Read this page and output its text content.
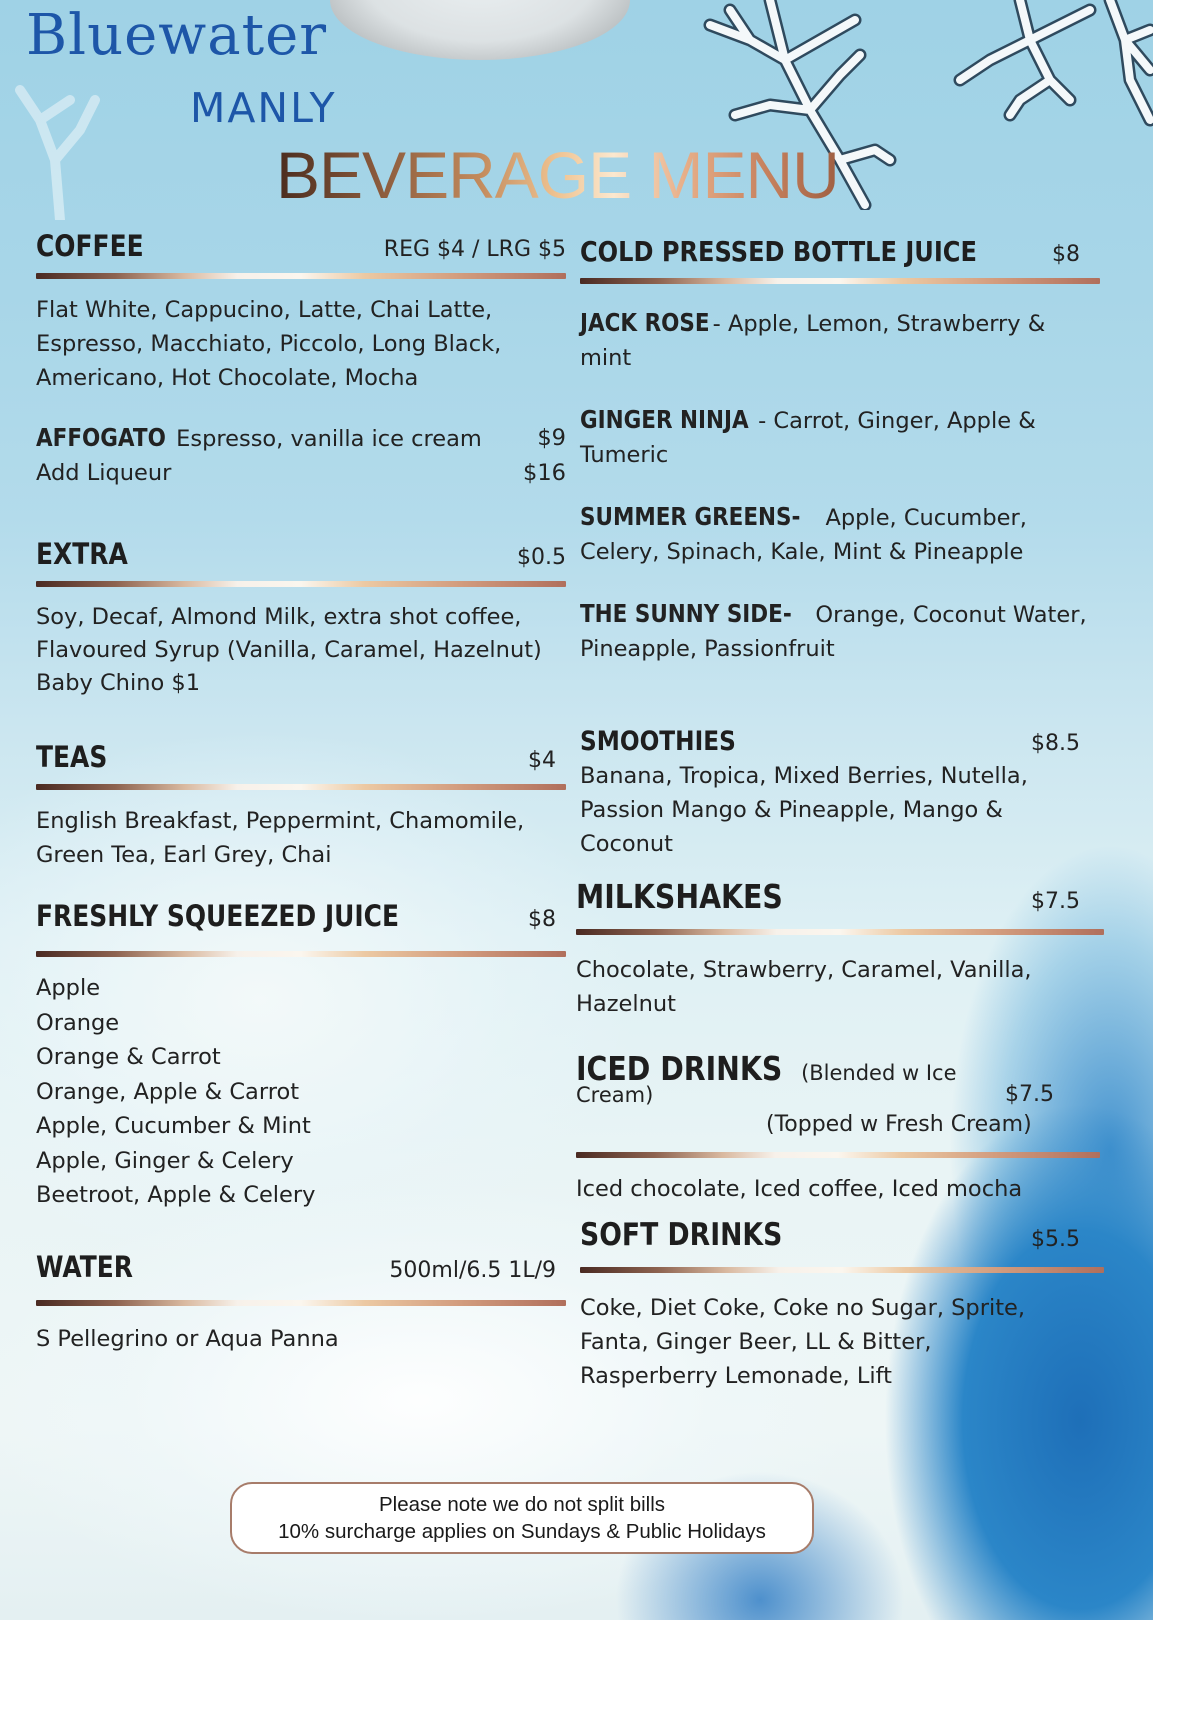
Bluewater
MANLY
BEVERAGE MENU
COFFEE	REG $4 / LRG $5
Flat White, Cappucino, Latte, Chai Latte,
Espresso, Macchiato, Piccolo, Long Black,
Americano, Hot Chocolate, Mocha
AFFOGATO Espresso, vanilla ice cream $9
Add Liqueur	$16
EXTRA	$0.5
Soy, Decaf, Almond Milk, extra shot coffee,
Flavoured Syrup (Vanilla, Caramel, Hazelnut)
Baby Chino $1
TEAS	$4
English Breakfast, Peppermint, Chamomile,
Green Tea, Earl Grey, Chai
FRESHLY SQUEEZED JUICE	$8
Apple
Orange
Orange & Carrot
Orange, Apple & Carrot
Apple, Cucumber & Mint
Apple, Ginger & Celery
Beetroot, Apple & Celery
WATER	500ml/6.5 1L/9
S Pellegrino or Aqua Panna
COLD PRESSED BOTTLE JUICE	$8
JACK ROSE - Apple, Lemon, Strawberry &
mint
GINGER NINJA - Carrot, Ginger, Apple &
Tumeric
SUMMER GREENS- Apple, Cucumber,
Celery, Spinach, Kale, Mint & Pineapple
THE SUNNY SIDE- Orange, Coconut Water,
Pineapple, Passionfruit
SMOOTHIES	$8.5
Banana, Tropica, Mixed Berries, Nutella,
Passion Mango & Pineapple, Mango &
Coconut
MILKSHAKES	$7.5
Chocolate, Strawberry, Caramel, Vanilla,
Hazelnut
ICED DRINKS (Blended w Ice Cream)	$7.5
(Topped w Fresh Cream)
Iced chocolate, Iced coffee, Iced mocha
SOFT DRINKS	$5.5
Coke, Diet Coke, Coke no Sugar, Sprite,
Fanta, Ginger Beer, LL & Bitter,
Rasperberry Lemonade, Lift
Please note we do not split bills
10% surcharge applies on Sundays & Public Holidays
